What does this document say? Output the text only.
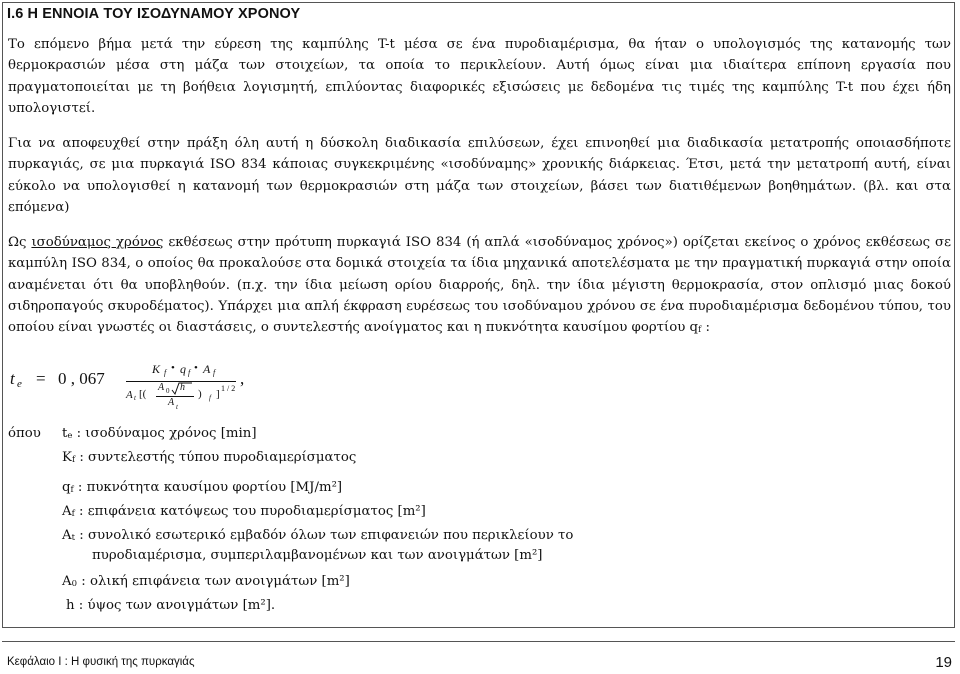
I.6 Η ΕΝΝΟΙΑ ΤΟΥ ΙΣΟΔΥΝΑΜΟΥ ΧΡΟΝΟΥ
Το επόμενο βήμα μετά την εύρεση της καμπύλης T-t μέσα σε ένα πυροδιαμέρισμα, θα ήταν ο υπολογισμός της κατανομής των θερμοκρασιών μέσα στη μάζα των στοιχείων, τα οποία το περικλείουν. Αυτή όμως είναι μια ιδιαίτερα επίπονη εργασία που πραγματοποιείται με τη βοήθεια λογισμητή, επιλύοντας διαφορικές εξισώσεις με δεδομένα τις τιμές της καμπύλης T-t που έχει ήδη υπολογιστεί.
Για να αποφευχθεί στην πράξη όλη αυτή η δύσκολη διαδικασία επιλύσεων, έχει επινοηθεί μια διαδικασία μετατροπής οποιασδήποτε πυρκαγιάς, σε μια πυρκαγιά ISO 834 κάποιας συγκεκριμένης «ισοδύναμης» χρονικής διάρκειας. Έτσι, μετά την μετατροπή αυτή, είναι εύκολο να υπολογισθεί η κατανομή των θερμοκρασιών στη μάζα των στοιχείων, βάσει των διατιθέμενων βοηθημάτων. (βλ. και στα επόμενα)
Ως ισοδύναμος χρόνος εκθέσεως στην πρότυπη πυρκαγιά ISO 834 (ή απλά «ισοδύναμος χρόνος») ορίζεται εκείνος ο χρόνος εκθέσεως σε καμπύλη ISO 834, ο οποίος θα προκαλούσε στα δομικά στοιχεία τα ίδια μηχανικά αποτελέσματα με την πραγματική πυρκαγιά στην οποία αναμένεται ότι θα υποβληθούν. (π.χ. την ίδια μείωση ορίου διαρροής, δηλ. την ίδια μέγιστη θερμοκρασία, στον οπλισμό μιας δοκού σιδηροπαγούς σκυροδέματος). Υπάρχει μια απλή έκφραση ευρέσεως του ισοδύναμου χρόνου σε ένα πυροδιαμέρισμα δεδομένου τύπου, του οποίου είναι γνωστές οι διαστάσεις, ο συντελεστής ανοίγματος και η πυκνότητα καυσίμου φορτίου qf :
t e = 0 , 067	K f • q f • A f
A t [(
A 0 h
A t
) f ] 1 / 2
,
όπου te : ισοδύναμος χρόνος [min]
Kf : συντελεστής τύπου πυροδιαμερίσματος
qf : πυκνότητα καυσίμου φορτίου [MJ/m²]
Af : επιφάνεια κατόψεως του πυροδιαμερίσματος [m²]
At : συνολικό εσωτερικό εμβαδόν όλων των επιφανειών που περικλείουν το
πυροδιαμέρισμα, συμπεριλαμβανομένων και των ανοιγμάτων [m²]
A0 : ολική επιφάνεια των ανοιγμάτων [m²]
h : ύψος των ανοιγμάτων [m²].
Κεφάλαιο Ι : Η φυσική της πυρκαγιάς	19
